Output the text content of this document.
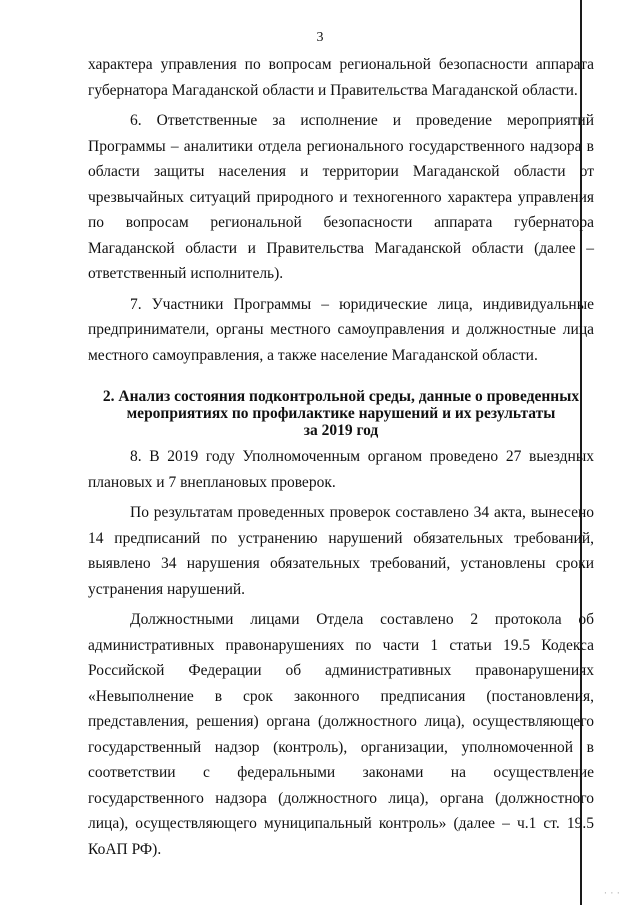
···
3

характера управления по вопросам региональной безопасности аппарата губернатора Магаданской области и Правительства Магаданской области.

6. Ответственные за исполнение и проведение мероприятий Программы – аналитики отдела регионального государственного надзора в области защиты населения и территории Магаданской области от чрезвычайных ситуаций природного и техногенного характера управления по вопросам региональной безопасности аппарата губернатора Магаданской области и Правительства Магаданской области (далее – ответственный исполнитель).

7. Участники Программы – юридические лица, индивидуальные предприниматели, органы местного самоуправления и должностные лица местного самоуправления, а также население Магаданской области.

2. Анализ состояния подконтрольной среды, данные о проведенных
мероприятиях по профилактике нарушений и их результаты
за 2019 год

8. В 2019 году Уполномоченным органом проведено 27 выездных плановых и 7 внеплановых проверок.

По результатам проведенных проверок составлено 34 акта, вынесено 14 предписаний по устранению нарушений обязательных требований, выявлено 34 нарушения обязательных требований, установлены сроки устранения нарушений.

Должностными лицами Отдела составлено 2 протокола об административных правонарушениях по части 1 статьи 19.5 Кодекса Российской Федерации об административных правонарушениях «Невыполнение в срок законного предписания (постановления, представления, решения) органа (должностного лица), осуществляющего государственный надзор (контроль), организации, уполномоченной в соответствии с федеральными законами на осуществление государственного надзора (должностного лица), органа (должностного лица), осуществляющего муниципальный контроль» (далее – ч.1 ст. 19.5 КоАП РФ).
